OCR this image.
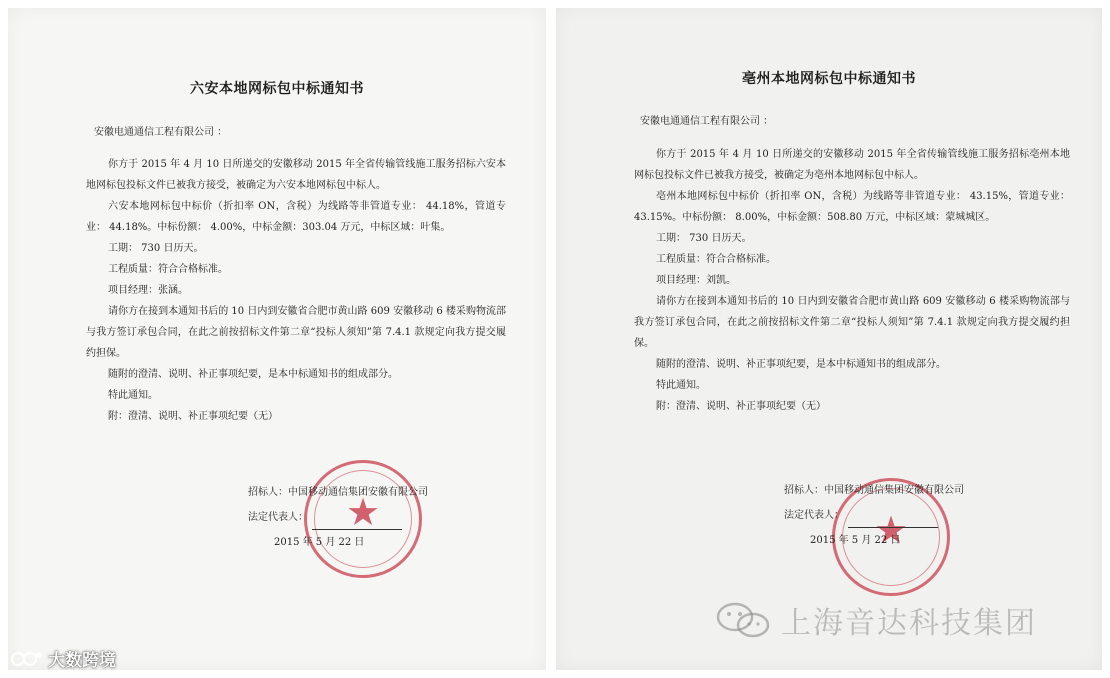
六安本地网标包中标通知书
安徽电通通信工程有限公司 ：

你方于 2015 年 4 月 10 日所递交的安徽移动 2015 年全省传输管线施工服务招标六安本地网标包投标文件已被我方接受，被确定为六安本地网标包中标人。

六安本地网标包中标价（折扣率 ON，含税）为线路等非管道专业： 44.18%，管道专业： 44.18%。中标份额： 4.00%，中标金额：303.04 万元，中标区域：叶集。

工期： 730 日历天。

工程质量：符合合格标准。

项目经理：张涵。

请你方在接到本通知书后的 10 日内到安徽省合肥市黄山路 609 安徽移动 6 楼采购物流部与我方签订承包合同，在此之前按招标文件第二章“投标人须知”第 7.4.1 款规定向我方提交履约担保。

随附的澄清、说明、补正事项纪要，是本中标通知书的组成部分。

特此通知。

附：澄清、说明、补正事项纪要（无）

★
招标人：中国移动通信集团安徽有限公司
法定代表人：
2015 年 5 月 22 日
亳州本地网标包中标通知书
安徽电通通信工程有限公司 ：

你方于 2015 年 4 月 10 日所递交的安徽移动 2015 年全省传输管线施工服务招标亳州本地网标包投标文件已被我方接受，被确定为亳州本地网标包中标人。

亳州本地网标包中标价（折扣率 ON，含税）为线路等非管道专业： 43.15%，管道专业： 43.15%。中标份额： 8.00%，中标金额：508.80 万元，中标区域：蒙城城区。

工期： 730 日历天。

工程质量：符合合格标准。

项目经理：刘凯。

请你方在接到本通知书后的 10 日内到安徽省合肥市黄山路 609 安徽移动 6 楼采购物流部与我方签订承包合同，在此之前按招标文件第二章“投标人须知”第 7.4.1 款规定向我方提交履约担保。

随附的澄清、说明、补正事项纪要，是本中标通知书的组成部分。

特此通知。

附：澄清、说明、补正事项纪要（无）

★
招标人：中国移动通信集团安徽有限公司
法定代表人：
2015 年 5 月 22 日
大数跨境
上海音达科技集团
